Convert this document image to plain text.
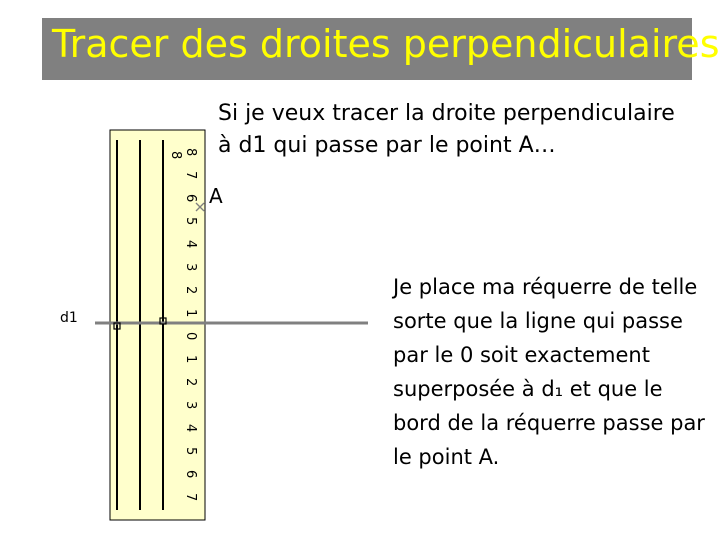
Tracer des droites perpendiculaires
Si je veux tracer la droite perpendiculaire
à d1 qui passe par le point A…
Je place ma réquerre de telle sorte que la ligne qui passe par le 0 soit exactement superposée à d₁ et que le bord de la réquerre passe par le point A.
A
d1
8
7
6
5
4
3
2
1
0
1
2
3
4
5
6
7
8
